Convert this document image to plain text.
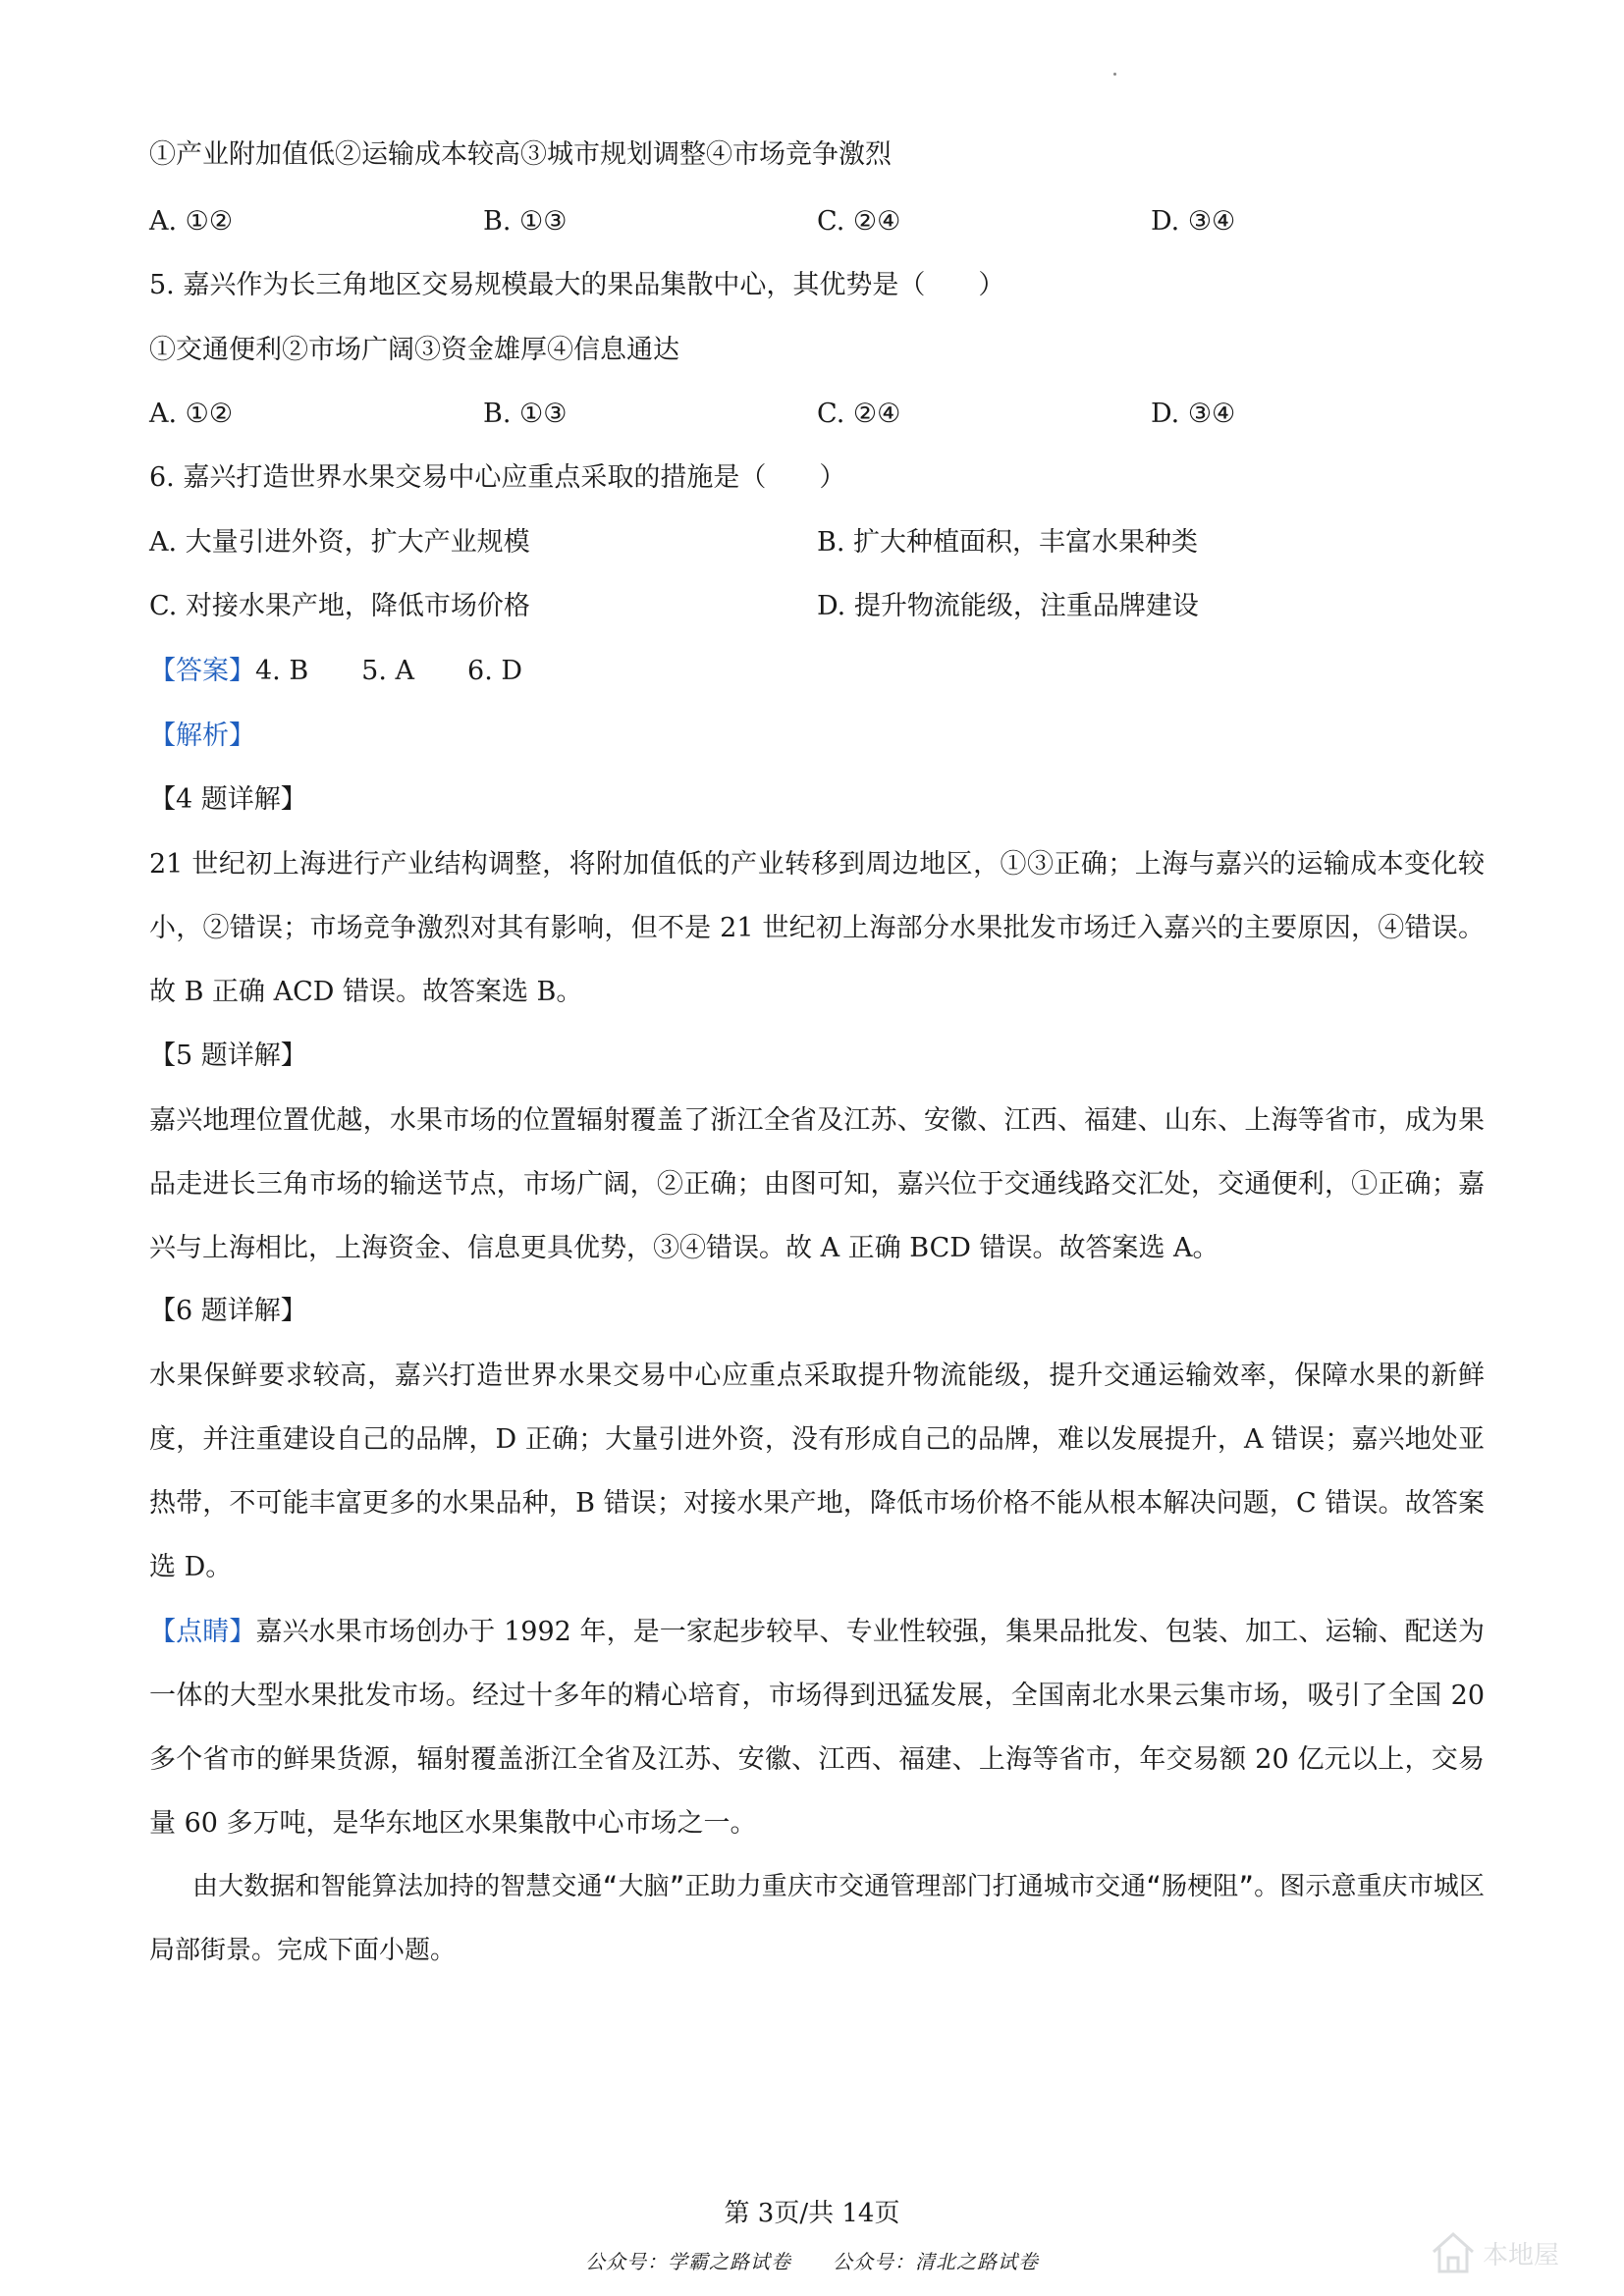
①产业附加值低②运输成本较高③城市规划调整④市场竞争激烈
A. ①②	B. ①③	C. ②④	D. ③④
5. 嘉兴作为长三角地区交易规模最大的果品集散中心，其优势是（　　）
①交通便利②市场广阔③资金雄厚④信息通达
A. ①②	B. ①③	C. ②④	D. ③④
6. 嘉兴打造世界水果交易中心应重点采取的措施是（　　）
A. 大量引进外资，扩大产业规模	B. 扩大种植面积，丰富水果种类
C. 对接水果产地，降低市场价格	D. 提升物流能级，注重品牌建设
【答案】4. B　　5. A　　6. D
【解析】
【4 题详解】
21 世纪初上海进行产业结构调整，将附加值低的产业转移到周边地区，①③正确；上海与嘉兴的运输成本变化较小，②错误；市场竞争激烈对其有影响，但不是 21 世纪初上海部分水果批发市场迁入嘉兴的主要原因，④错误。故 B 正确 ACD 错误。故答案选 B。
【5 题详解】
嘉兴地理位置优越，水果市场的位置辐射覆盖了浙江全省及江苏、安徽、江西、福建、山东、上海等省市，成为果品走进长三角市场的输送节点，市场广阔，②正确；由图可知，嘉兴位于交通线路交汇处，交通便利，①正确；嘉兴与上海相比，上海资金、信息更具优势，③④错误。故 A 正确 BCD 错误。故答案选 A。
【6 题详解】
水果保鲜要求较高，嘉兴打造世界水果交易中心应重点采取提升物流能级，提升交通运输效率，保障水果的新鲜度，并注重建设自己的品牌，D 正确；大量引进外资，没有形成自己的品牌，难以发展提升，A 错误；嘉兴地处亚热带，不可能丰富更多的水果品种，B 错误；对接水果产地，降低市场价格不能从根本解决问题，C 错误。故答案选 D。
【点睛】嘉兴水果市场创办于 1992 年，是一家起步较早、专业性较强，集果品批发、包装、加工、运输、配送为一体的大型水果批发市场。经过十多年的精心培育，市场得到迅猛发展，全国南北水果云集市场，吸引了全国 20 多个省市的鲜果货源，辐射覆盖浙江全省及江苏、安徽、江西、福建、上海等省市，年交易额 20 亿元以上，交易量 60 多万吨，是华东地区水果集散中心市场之一。
由大数据和智能算法加持的智慧交通“大脑”正助力重庆市交通管理部门打通城市交通“肠梗阻”。图示意重庆市城区局部街景。完成下面小题。
第 3页/共 14页
公众号：学霸之路试卷　　公众号：清北之路试卷	本地屋
